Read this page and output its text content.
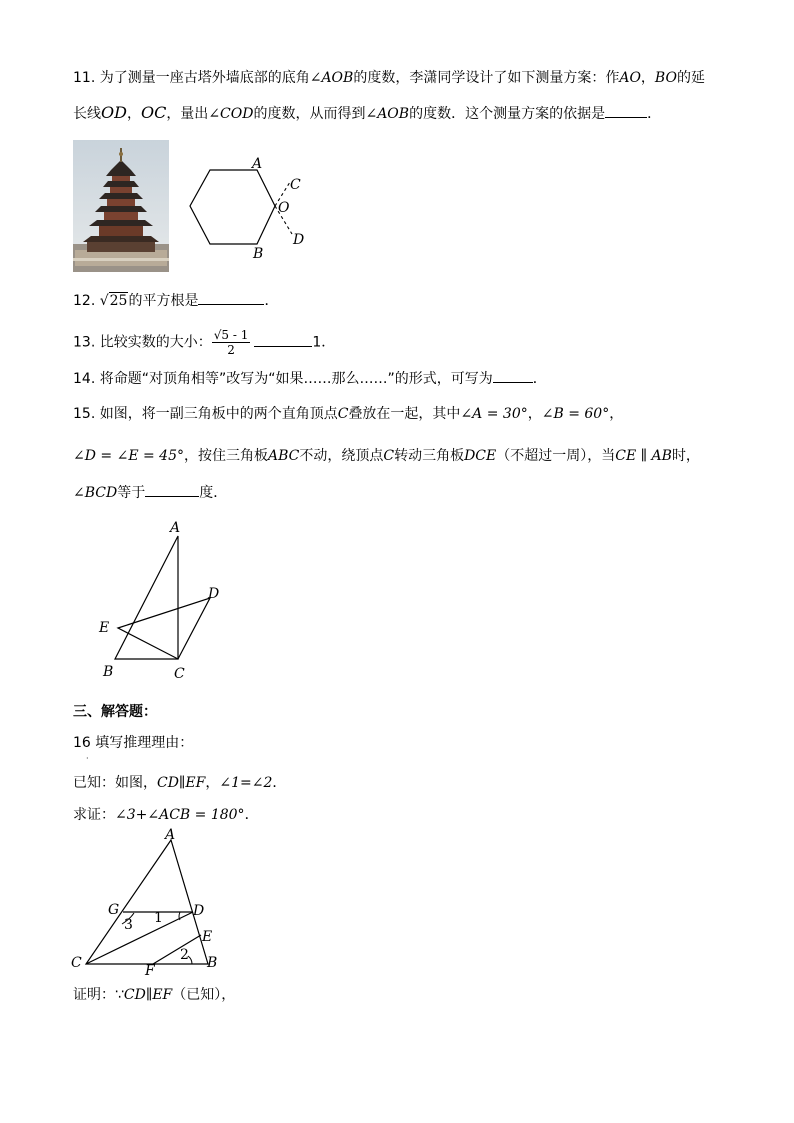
11. 为了测量一座古塔外墙底部的底角∠AOB的度数，李潇同学设计了如下测量方案：作AO，BO的延
长线OD，OC，量出∠COD的度数，从而得到∠AOB的度数．这个测量方案的依据是	．
A
B
C
O
D
12. √25的平方根是	．
13. 比较实数的大小： $\frac{√5 - 1}{2}$	1．
14. 将命题“对顶角相等”改写为“如果……那么……”的形式，可写为	．
15. 如图，将一副三角板中的两个直角顶点C叠放在一起，其中∠A = 30°，∠B = 60°，
∠D = ∠E = 45°，按住三角板ABC不动，绕顶点C转动三角板DCE（不超过一周），当CE ∥ AB时，
∠BCD等于	度．
A
D
E
B	C
三、解答题：
16 填写推理理由：
·
已知：如图，CD∥EF，∠1=∠2．
求证：∠3+∠ACB = 180°．
G
A
D
E
C	F	B
1
2
3
证明：∵CD∥EF（已知），
